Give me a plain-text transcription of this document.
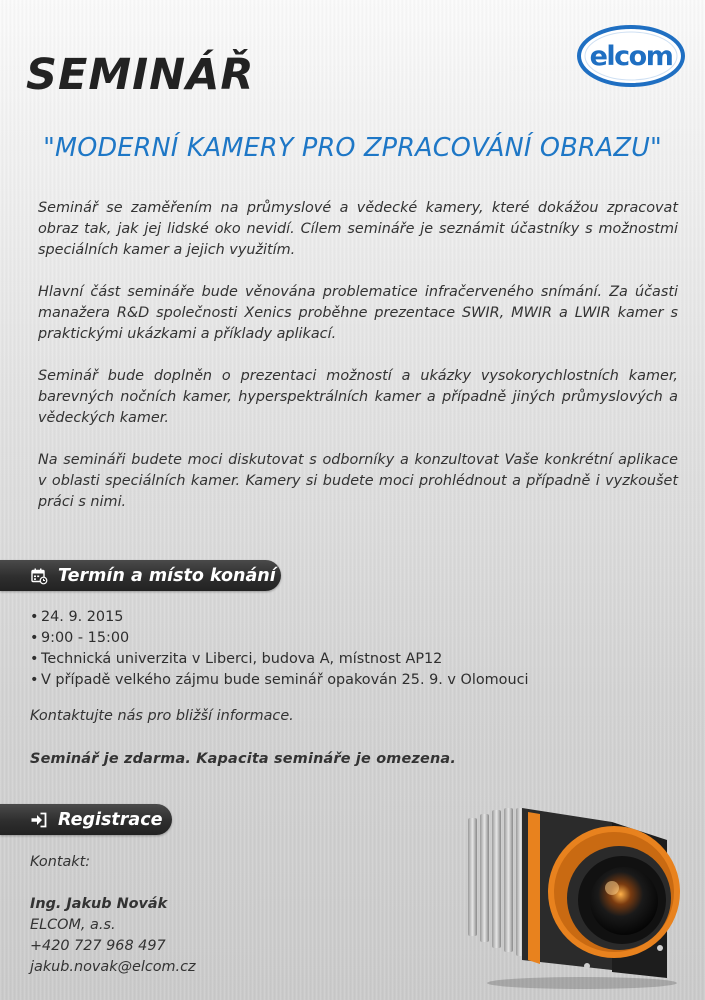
SEMINÁŘ	elcom
"MODERNÍ KAMERY PRO ZPRACOVÁNÍ OBRAZU"

Seminář se zaměřením na průmyslové a vědecké kamery, které dokážou zpracovat obraz tak, jak jej lidské oko nevidí. Cílem semináře je seznámit účastníky s možnostmi speciálních kamer a jejich využitím.

Hlavní část semináře bude věnována problematice infračerveného snímání. Za účasti manažera R&D společnosti Xenics proběhne prezentace SWIR, MWIR a LWIR kamer s praktickými ukázkami a příklady aplikací.

Seminář bude doplněn o prezentaci možností a ukázky vysokorychlostních kamer, barevných nočních kamer, hyperspektrálních kamer a případně jiných průmyslových a vědeckých kamer.

Na semináři budete moci diskutovat s odborníky a konzultovat Vaše konkrétní aplikace v oblasti speciálních kamer. Kamery si budete moci prohlédnout a případně i vyzkoušet práci s nimi.

Termín a místo konání
• 24. 9. 2015
• 9:00 - 15:00
• Technická univerzita v Liberci, budova A, místnost AP12
• V případě velkého zájmu bude seminář opakován 25. 9. v Olomouci

Kontaktujte nás pro bližší informace.

Seminář je zdarma. Kapacita semináře je omezena.

Registrace
Kontakt:
Ing. Jakub Novák
ELCOM, a.s.
+420 727 968 497
jakub.novak@elcom.cz
